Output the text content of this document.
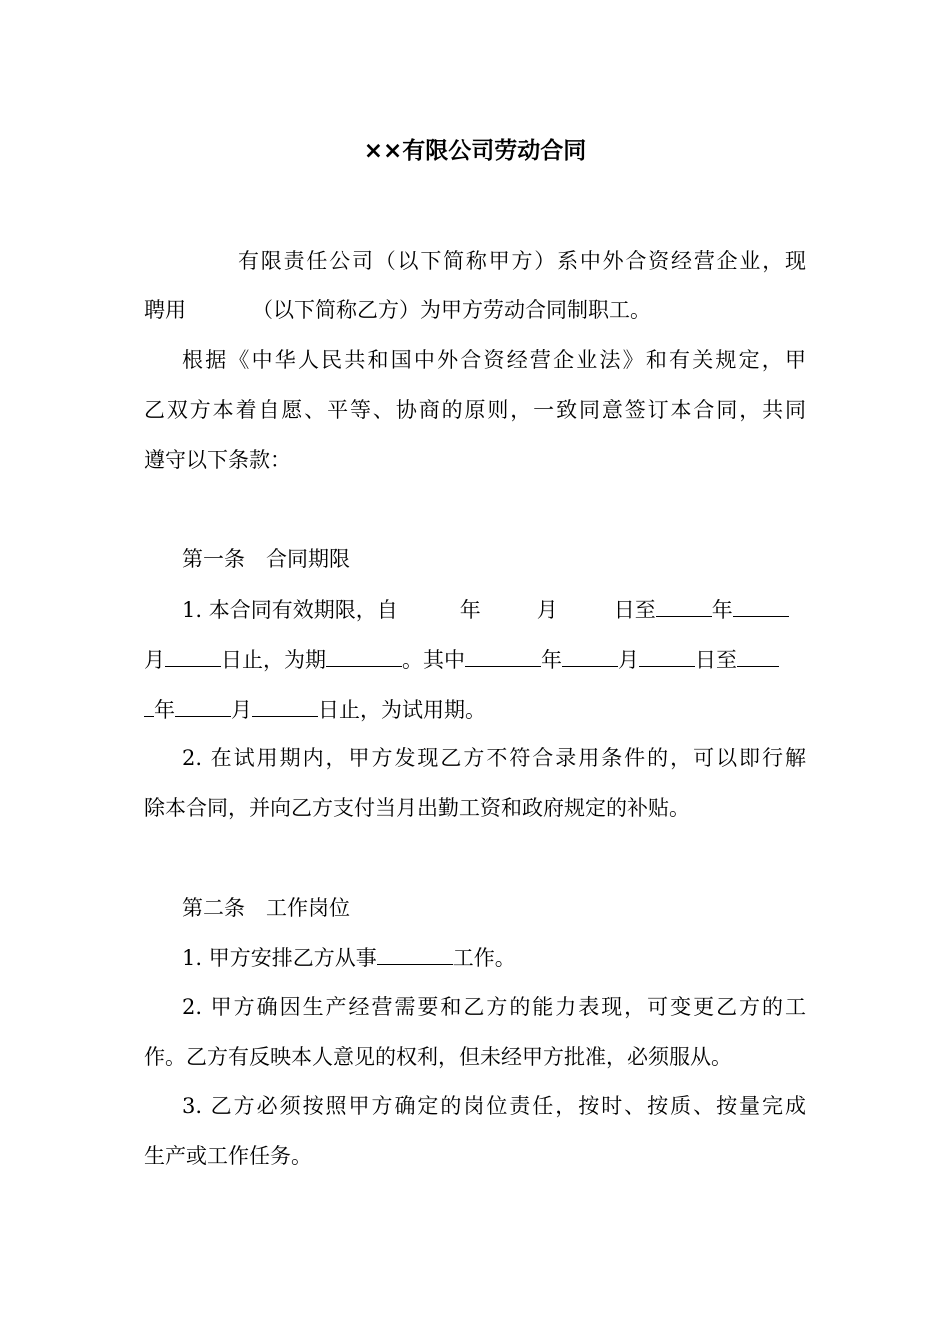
××有限公司劳动合同
有限责任公司（以下简称甲方）系中外合资经营企业，现
聘用	（以下简称乙方）为甲方劳动合同制职工。
根据《中华人民共和国中外合资经营企业法》和有关规定，甲
乙双方本着自愿、平等、协商的原则，一致同意签订本合同，共同
遵守以下条款：
第一条　合同期限
1. 本合同有效期限，自	年	月	日至	年
月	日止，为期	。其中	年	月	日至
年	月	日止，为试用期。
2. 在试用期内，甲方发现乙方不符合录用条件的，可以即行解
除本合同，并向乙方支付当月出勤工资和政府规定的补贴。
第二条　工作岗位
1. 甲方安排乙方从事	工作。
2. 甲方确因生产经营需要和乙方的能力表现，可变更乙方的工
作。乙方有反映本人意见的权利，但未经甲方批准，必须服从。
3. 乙方必须按照甲方确定的岗位责任，按时、按质、按量完成
生产或工作任务。
